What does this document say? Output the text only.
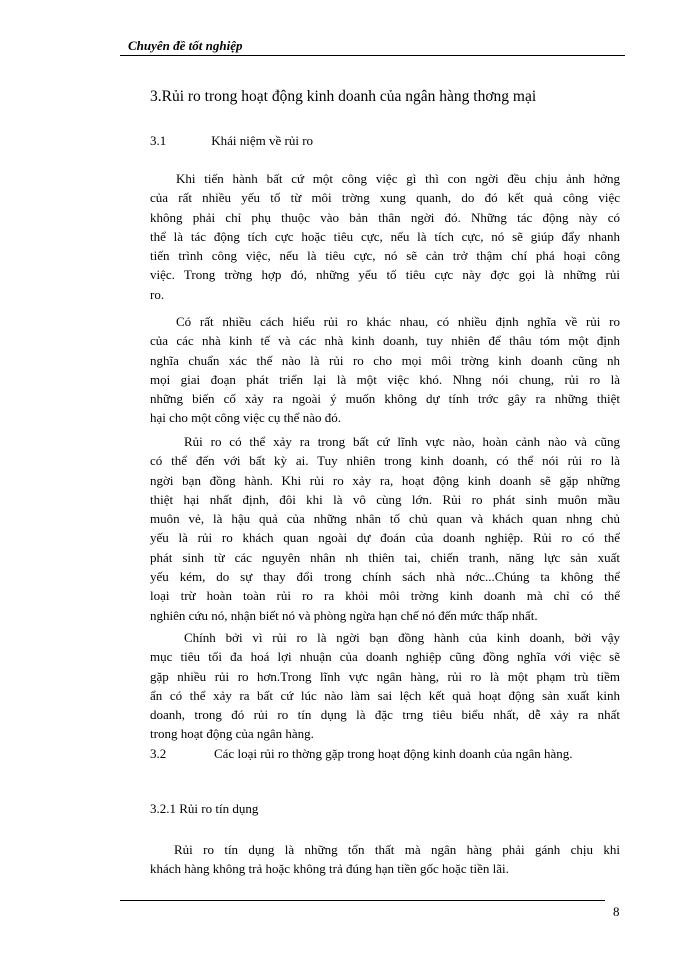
Chuyên đề tốt nghiệp
3.Rủi ro trong hoạt động kinh doanh của ngân hàng thơng mại
3.1	Khái niệm về rủi ro
Khi tiến hành bất cứ một công việc gì thì con ngời đều chịu ảnh hởng
của rất nhiều yếu tố từ môi trờng xung quanh, do đó kết quả công việc
không phải chỉ phụ thuộc vào bản thân ngời đó. Những tác động này có
thể là tác động tích cực hoặc tiêu cực, nếu là tích cực, nó sẽ giúp đẩy nhanh
tiến trình công việc, nếu là tiêu cực, nó sẽ cản trở thậm chí phá hoại công
việc. Trong trờng hợp đó, những yếu tố tiêu cực này đợc gọi là những rủi
ro.
Có rất nhiều cách hiểu rủi ro khác nhau, có nhiều định nghĩa về rủi ro
của các nhà kinh tế và các nhà kinh doanh, tuy nhiên để thâu tóm một định
nghĩa chuẩn xác thế nào là rủi ro cho mọi môi trờng kinh doanh cũng nh
mọi giai đoạn phát triển lại là một việc khó. Nhng nói chung, rủi ro là
những biến cố xảy ra ngoài ý muốn không dự tính trớc gây ra những thiệt
hại cho một công việc cụ thể nào đó.
Rủi ro có thể xảy ra trong bất cứ lĩnh vực nào, hoàn cảnh nào và cũng
có thể đến với bất kỳ ai. Tuy nhiên trong kinh doanh, có thể nói rủi ro là
ngời bạn đồng hành. Khi rủi ro xảy ra, hoạt động kinh doanh sẽ gặp những
thiệt hại nhất định, đôi khi là vô cùng lớn. Rủi ro phát sinh muôn mầu
muôn vẻ, là hậu quả của những nhân tố chủ quan và khách quan nhng chủ
yếu là rủi ro khách quan ngoài dự đoán của doanh nghiệp. Rủi ro có thể
phát sinh từ các nguyên nhân nh thiên tai, chiến tranh, năng lực sản xuất
yếu kém, do sự thay đổi trong chính sách nhà nớc...Chúng ta không thể
loại trừ hoàn toàn rủi ro ra khỏi môi trờng kinh doanh mà chỉ có thể
nghiên cứu nó, nhận biết nó và phòng ngừa hạn chế nó đến mức thấp nhất.
Chính bởi vì rủi ro là ngời bạn đồng hành của kinh doanh, bởi vậy
mục tiêu tối đa hoá lợi nhuận của doanh nghiệp cũng đồng nghĩa với việc sẽ
gặp nhiều rủi ro hơn.Trong lĩnh vực ngân hàng, rủi ro là một phạm trù tiềm
ẩn có thể xảy ra bất cứ lúc nào làm sai lệch kết quả hoạt động sản xuất kinh
doanh, trong đó rủi ro tín dụng là đặc trng tiêu biểu nhất, dễ xảy ra nhất
trong hoạt động của ngân hàng.
3.2	Các loại rủi ro thờng gặp trong hoạt động kinh doanh của ngân hàng.
3.2.1 Rủi ro tín dụng
Rủi ro tín dụng là những tổn thất mà ngân hàng phải gánh chịu khi
khách hàng không trả hoặc không trả đúng hạn tiền gốc hoặc tiền lãi.
8
